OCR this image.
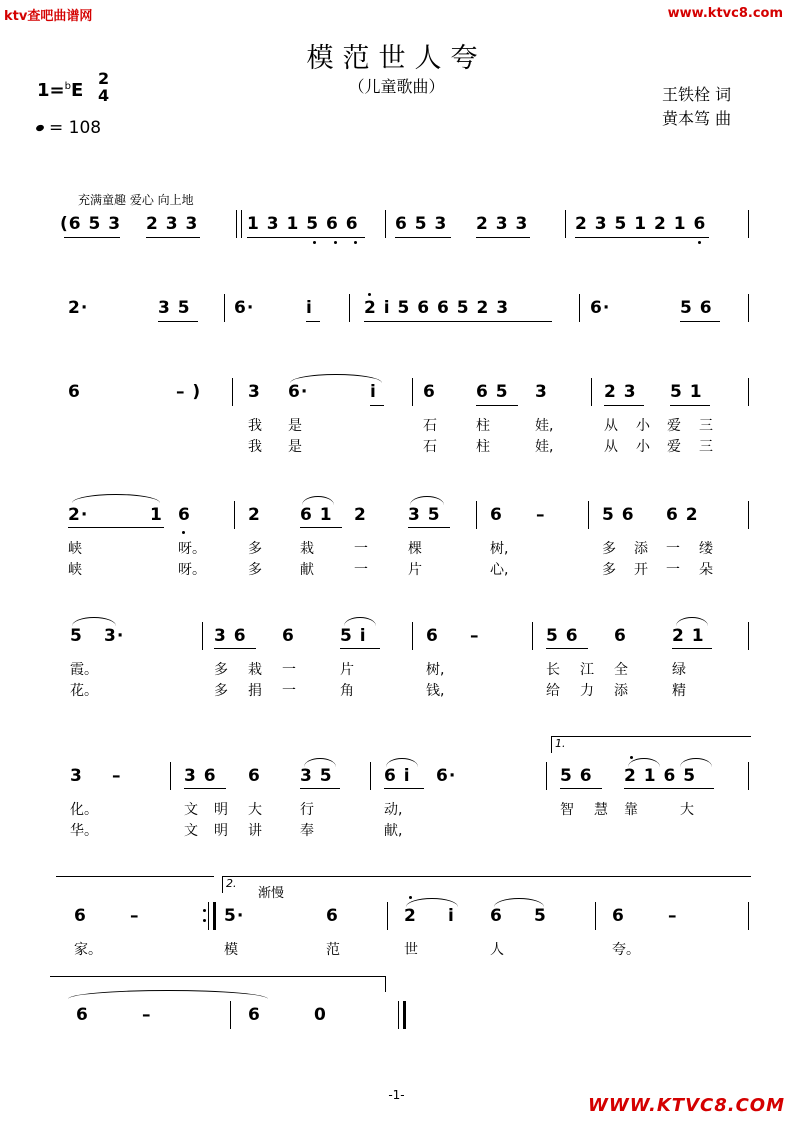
ktv查吧曲谱网	www.ktvc8.com
模范世人夸
（儿童歌曲）
1=$^b$E
2
4
= 108
王铁栓 词
黄本笃 曲
充满童趣 爱心 向上地
(6 5 3 2 3 3	1 3 1 5 6 6 6 5 3 2 3 3	2 3 5 1 2 1 6
2·	3 5	6·	i	2 i 5 6 6 5 2 3	6·	5 6
6	– )	3 6·	i	6 6 5 3	2 3 5 1
我 是	石	柱	娃,	从 小 爱 三
我 是	石	柱	娃,	从 小 爱 三
2·	1 6	2 6 1 2 3 5	6 –	5 6 6 2
峡	呀。	多	栽	一	棵	树,	多 添 一 缕
峡	呀。	多	献	一	片	心,	多 开 一 朵
5 3·	3 6 6	5 i	6 –	5 6 6	2 1
霞。	多 栽 一	片	树,	长 江 全	绿
花。	多 捐 一	角	钱,	给 力 添	精
1.
3 –	3 6 6 3 5	6 i 6·	5 6 2 1 6 5
化。	文 明 大	行	动,	智 慧 靠	大
华。	文 明 讲	奉	献,
2.
渐慢
6	–	5·	6	2 i 6 5	6	–
家。	模	范	世	人	夸。
6	–	6	0
-1-	WWW.KTVC8.COM
